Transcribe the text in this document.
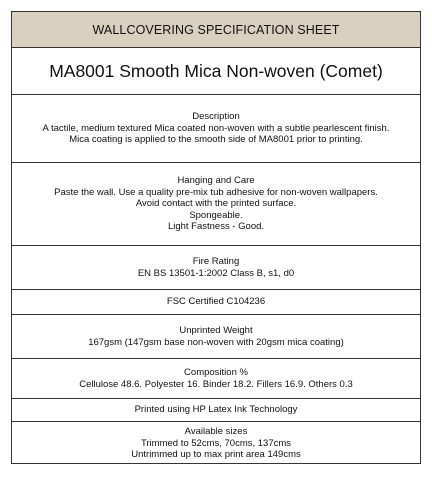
WALLCOVERING SPECIFICATION SHEET
MA8001 Smooth Mica Non-woven (Comet)
Description
A tactile, medium textured Mica coated non-woven with a subtle pearlescent finish.
Mica coating is applied to the smooth side of MA8001 prior to printing.
Hanging and Care
Paste the wall. Use a quality pre-mix tub adhesive for non-woven wallpapers.
Avoid contact with the printed surface.
Spongeable.
Light Fastness - Good.
Fire Rating
EN BS 13501-1:2002 Class B, s1, d0
FSC Certified C104236
Unprinted Weight
167gsm (147gsm base non-woven with 20gsm mica coating)
Composition %
Cellulose 48.6. Polyester 16. Binder 18.2. Fillers 16.9. Others 0.3
Printed using HP Latex Ink Technology
Available sizes
Trimmed to 52cms, 70cms, 137cms
Untrimmed up to max print area 149cms
